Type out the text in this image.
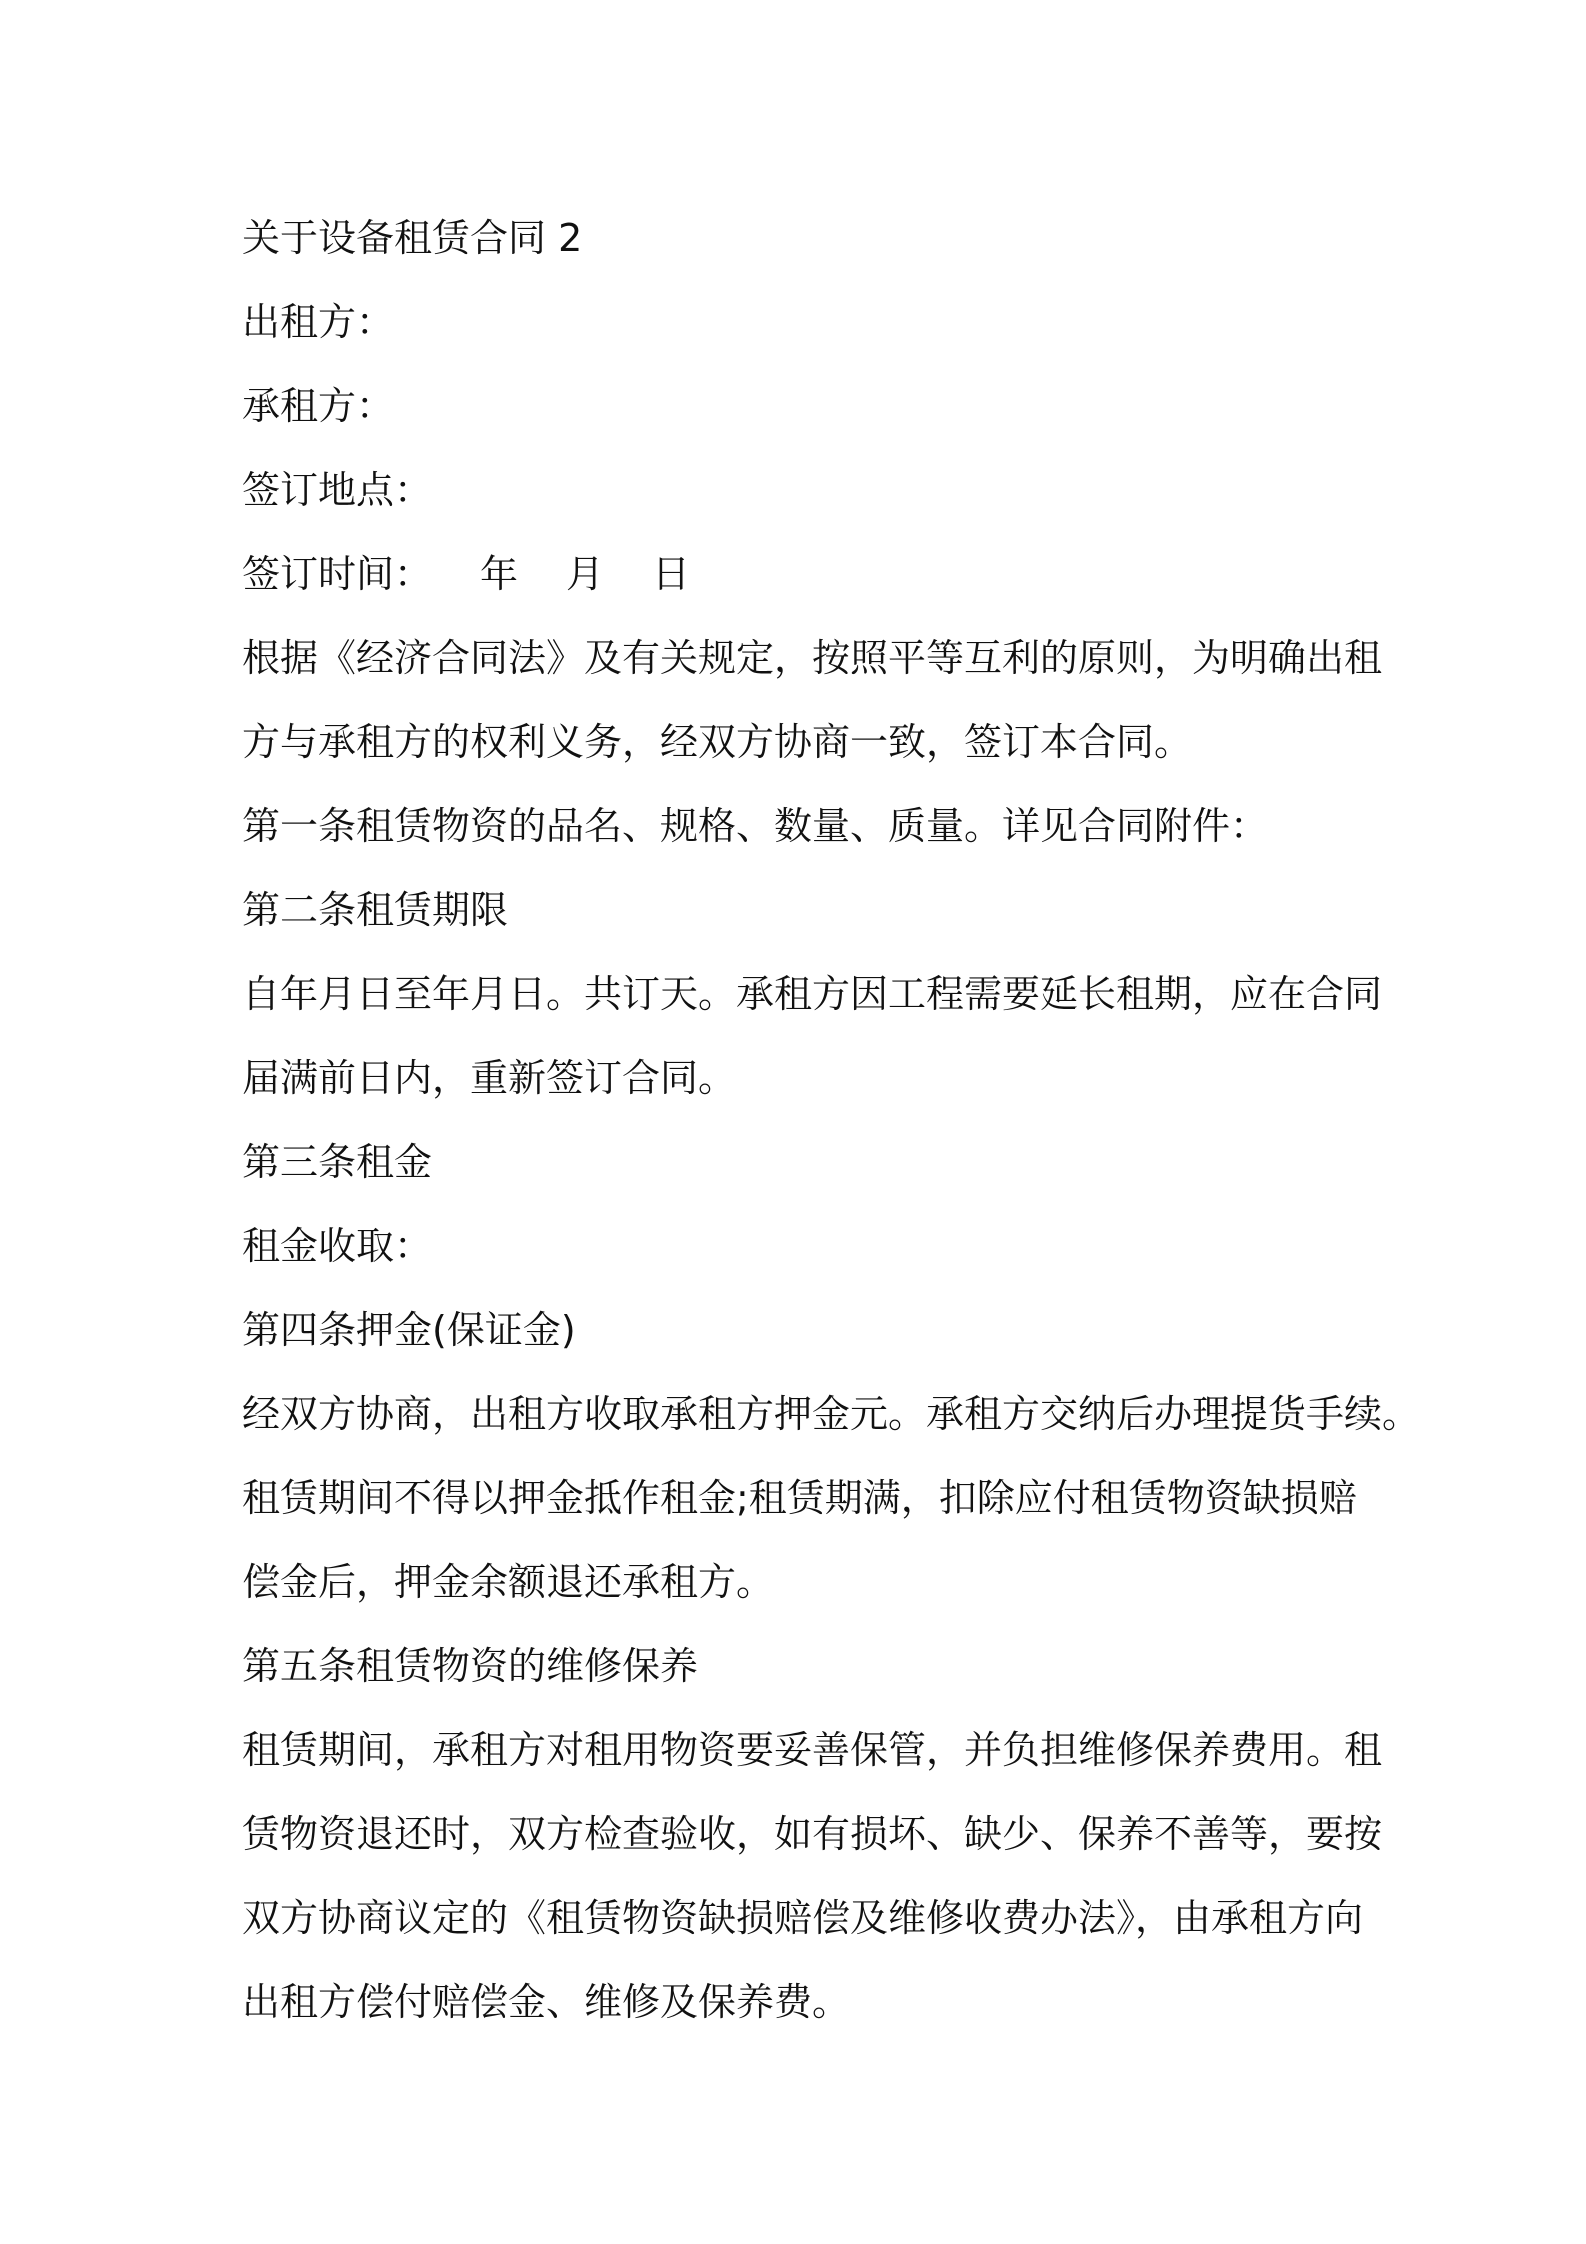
关于设备租赁合同 2

出租方：

承租方：

签订地点：

签订时间： 年 月 日

根据《经济合同法》及有关规定，按照平等互利的原则，为明确出租

方与承租方的权利义务，经双方协商一致，签订本合同。

第一条租赁物资的品名、规格、数量、质量。详见合同附件：

第二条租赁期限

自年月日至年月日。共订天。承租方因工程需要延长租期，应在合同

届满前日内，重新签订合同。

第三条租金

租金收取：

第四条押金(保证金)

经双方协商，出租方收取承租方押金元。承租方交纳后办理提货手续。

租赁期间不得以押金抵作租金;租赁期满，扣除应付租赁物资缺损赔

偿金后，押金余额退还承租方。

第五条租赁物资的维修保养

租赁期间，承租方对租用物资要妥善保管，并负担维修保养费用。租

赁物资退还时，双方检查验收，如有损坏、缺少、保养不善等，要按

双方协商议定的《租赁物资缺损赔偿及维修收费办法》，由承租方向

出租方偿付赔偿金、维修及保养费。
